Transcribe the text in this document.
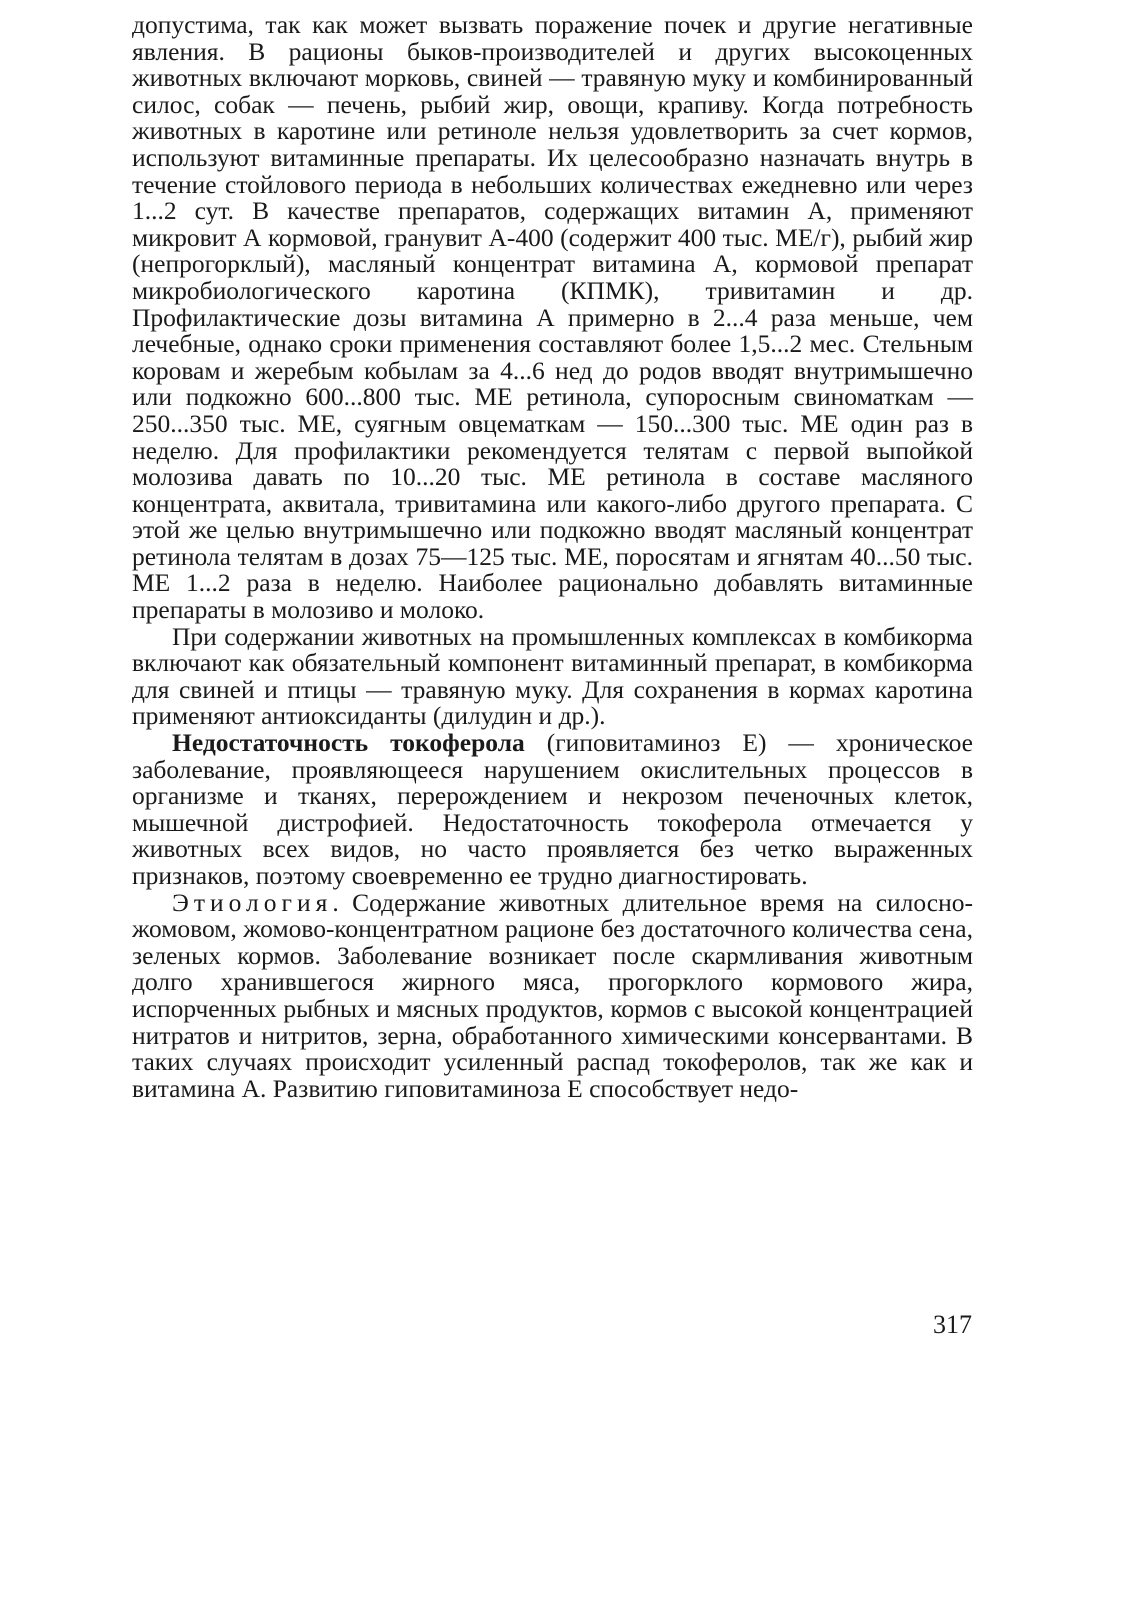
допустима, так как может вызвать поражение почек и другие негативные явления. В рационы быков-производителей и других высокоценных животных включают морковь, свиней — травяную муку и комбинированный силос, собак — печень, рыбий жир, овощи, крапиву. Когда потребность животных в каротине или ретиноле нельзя удовлетворить за счет кормов, используют витаминные препараты. Их целесообразно назначать внутрь в течение стойлового периода в небольших количествах ежедневно или через 1...2 сут. В качестве препаратов, содержащих витамин А, применяют микровит А кормовой, гранувит А-400 (содержит 400 тыс. МЕ/г), рыбий жир (непрогорклый), масляный концентрат витамина А, кормовой препарат микробиологического каротина (КПМК), тривитамин и др. Профилактические дозы витамина А примерно в 2...4 раза меньше, чем лечебные, однако сроки применения составляют более 1,5...2 мес. Стельным коровам и жеребым кобылам за 4...6 нед до родов вводят внутримышечно или подкожно 600...800 тыс. МЕ ретинола, супоросным свиноматкам — 250...350 тыс. МЕ, суягным овцематкам — 150...300 тыс. МЕ один раз в неделю. Для профилактики рекомендуется телятам с первой выпойкой молозива давать по 10...20 тыс. МЕ ретинола в составе масляного концентрата, аквитала, тривитамина или какого-либо другого препарата. С этой же целью внутримышечно или подкожно вводят масляный концентрат ретинола телятам в дозах 75—125 тыс. МЕ, поросятам и ягнятам 40...50 тыс. МЕ 1...2 раза в неделю. Наиболее рационально добавлять витаминные препараты в молозиво и молоко.

При содержании животных на промышленных комплексах в комбикорма включают как обязательный компонент витаминный препарат, в комбикорма для свиней и птицы — травяную муку. Для сохранения в кормах каротина применяют антиоксиданты (дилудин и др.).

Недостаточность токоферола (гиповитаминоз Е) — хроническое заболевание, проявляющееся нарушением окислительных процессов в организме и тканях, перерождением и некрозом печеночных клеток, мышечной дистрофией. Недостаточность токоферола отмечается у животных всех видов, но часто проявляется без четко выраженных признаков, поэтому своевременно ее трудно диагностировать.

Этиология. Содержание животных длительное время на силосно-жомовом, жомово-концентратном рационе без достаточного количества сена, зеленых кормов. Заболевание возникает после скармливания животным долго хранившегося жирного мяса, прогорклого кормового жира, испорченных рыбных и мясных продуктов, кормов с высокой концентрацией нитратов и нитритов, зерна, обработанного химическими консервантами. В таких случаях происходит усиленный распад токоферолов, так же как и витамина А. Развитию гиповитаминоза Е способствует недо-

317
